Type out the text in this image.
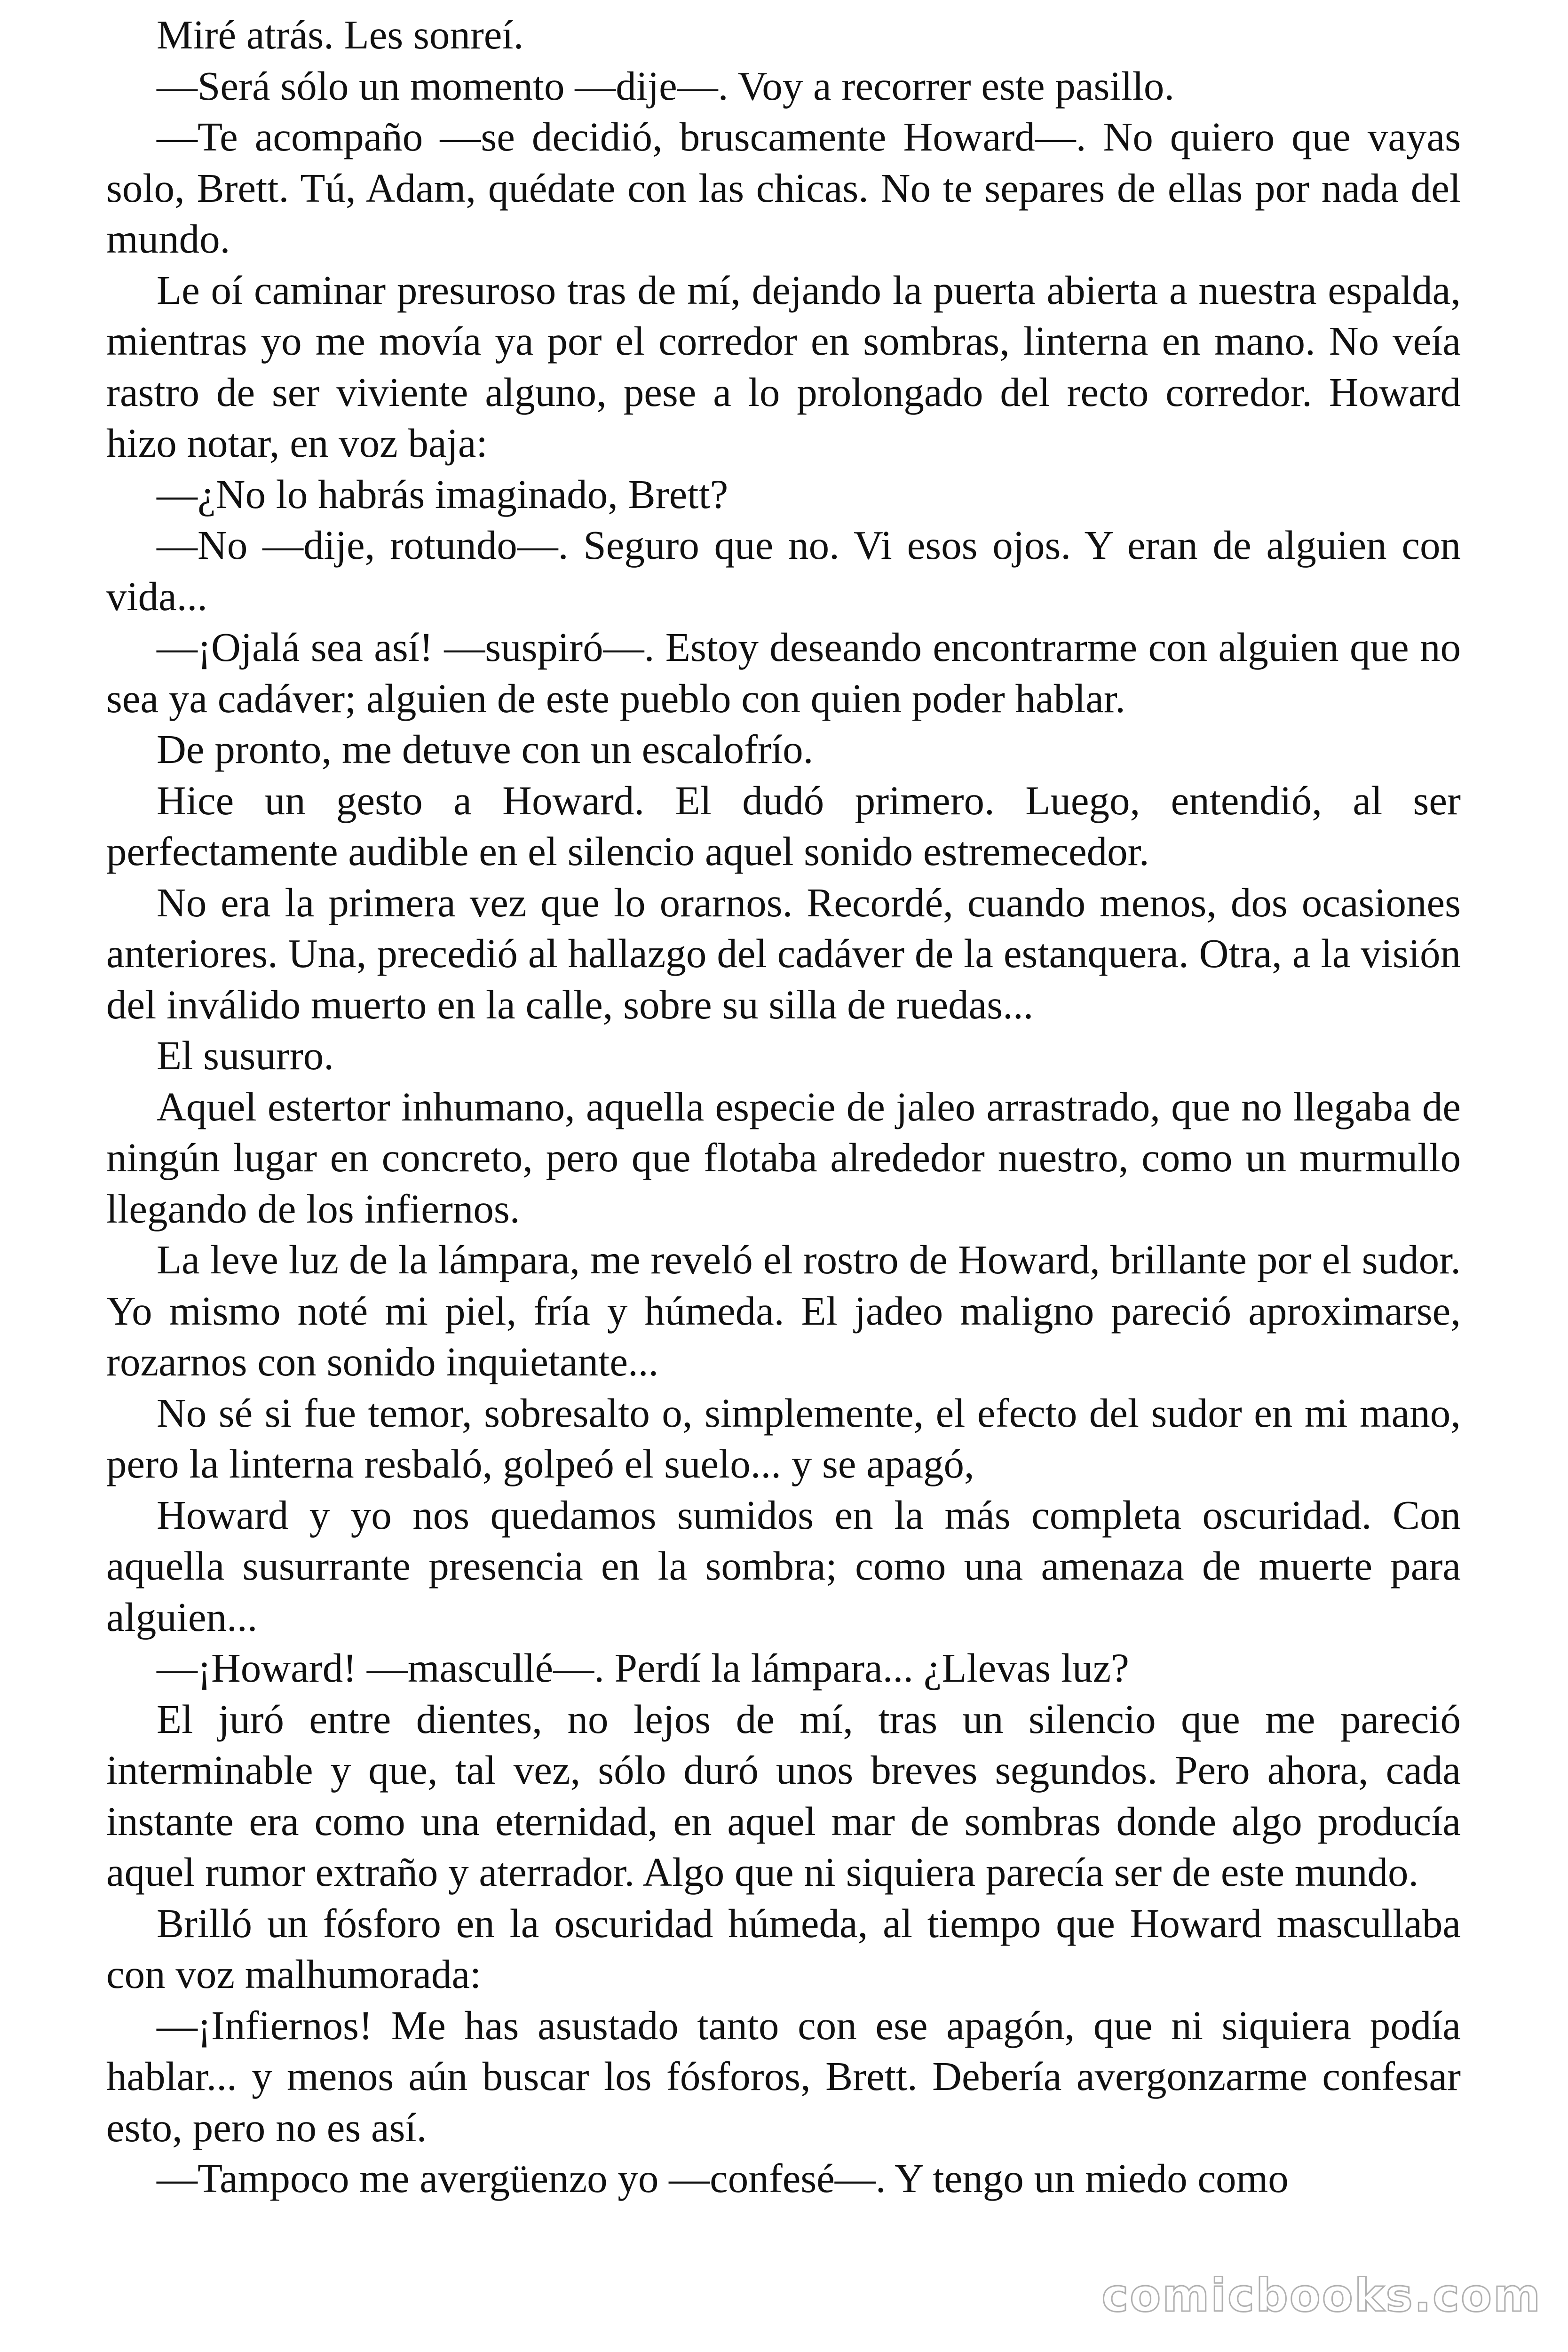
Miré atrás. Les sonreí.

—Será sólo un momento —dije—. Voy a recorrer este pasillo.

—Te acompaño —se decidió, bruscamente Howard—. No quiero que vayas solo, Brett. Tú, Adam, quédate con las chicas. No te separes de ellas por nada del mundo.

Le oí caminar presuroso tras de mí, dejando la puerta abierta a nuestra espalda, mientras yo me movía ya por el corredor en sombras, linterna en mano. No veía rastro de ser viviente alguno, pese a lo prolongado del recto corredor. Howard hizo notar, en voz baja:

—¿No lo habrás imaginado, Brett?

—No —dije, rotundo—. Seguro que no. Vi esos ojos. Y eran de alguien con vida...

—¡Ojalá sea así! —suspiró—. Estoy deseando encontrarme con alguien que no sea ya cadáver; alguien de este pueblo con quien poder hablar.

De pronto, me detuve con un escalofrío.

Hice un gesto a Howard. El dudó primero. Luego, entendió, al ser perfectamente audible en el silencio aquel sonido estremecedor.

No era la primera vez que lo orarnos. Recordé, cuando menos, dos ocasiones anteriores. Una, precedió al hallazgo del cadáver de la estanquera. Otra, a la visión del inválido muerto en la calle, sobre su silla de ruedas...

El susurro.

Aquel estertor inhumano, aquella especie de jaleo arrastrado, que no llegaba de ningún lugar en concreto, pero que flotaba alrededor nuestro, como un murmullo llegando de los infiernos.

La leve luz de la lámpara, me reveló el rostro de Howard, brillante por el sudor. Yo mismo noté mi piel, fría y húmeda. El jadeo maligno pareció aproximarse, rozarnos con sonido inquietante...

No sé si fue temor, sobresalto o, simplemente, el efecto del sudor en mi mano, pero la linterna resbaló, golpeó el suelo... y se apagó,

Howard y yo nos quedamos sumidos en la más completa oscuridad. Con aquella susurrante presencia en la sombra; como una amenaza de muerte para alguien...

—¡Howard! —mascullé—. Perdí la lámpara... ¿Llevas luz?

El juró entre dientes, no lejos de mí, tras un silencio que me pareció interminable y que, tal vez, sólo duró unos breves segundos. Pero ahora, cada instante era como una eternidad, en aquel mar de sombras donde algo producía aquel rumor extraño y aterrador. Algo que ni siquiera parecía ser de este mundo.

Brilló un fósforo en la oscuridad húmeda, al tiempo que Howard mascullaba con voz malhumorada:

—¡Infiernos! Me has asustado tanto con ese apagón, que ni siquiera podía hablar... y menos aún buscar los fósforos, Brett. Debería avergonzarme confesar esto, pero no es así.

—Tampoco me avergüenzo yo —confesé—. Y tengo un miedo como

comicbooks.com
